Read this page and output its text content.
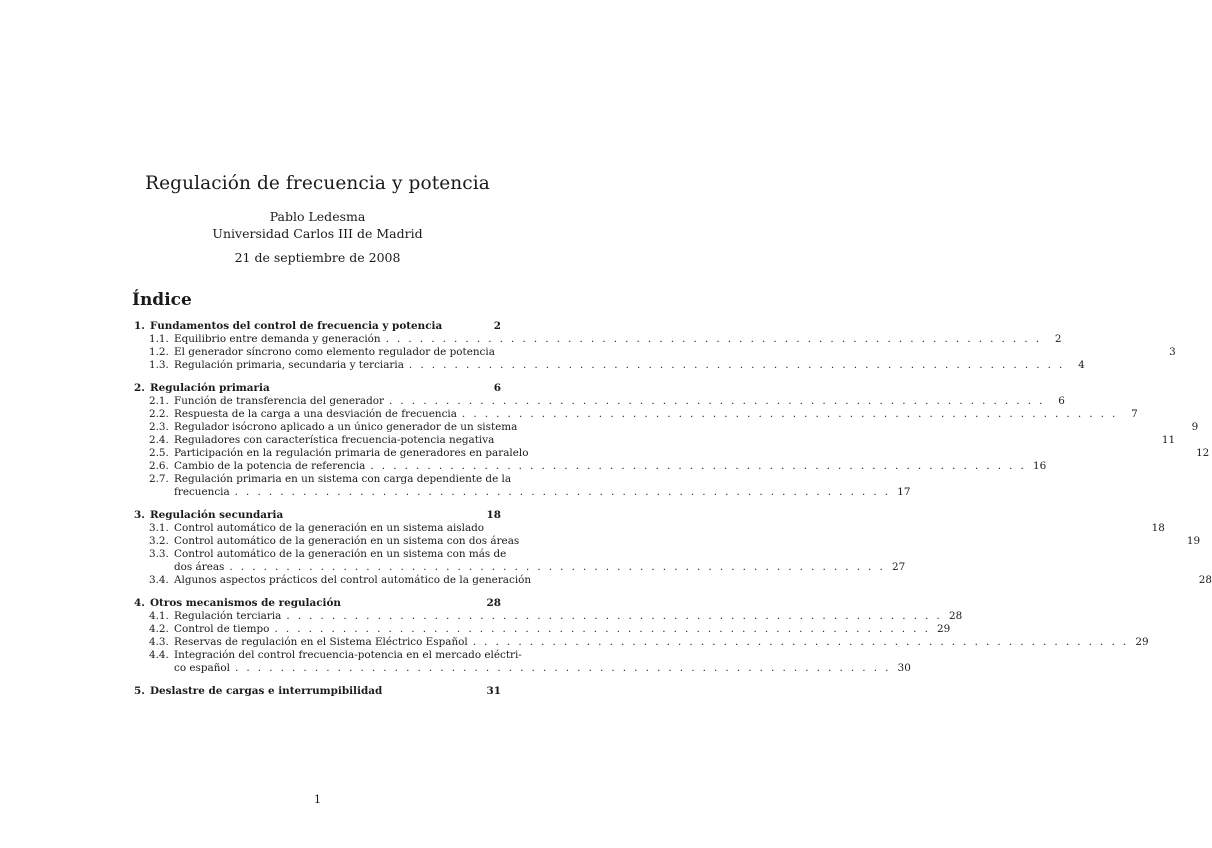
Regulación de frecuencia y potencia
Pablo Ledesma
Universidad Carlos III de Madrid
21 de septiembre de 2008
Índice
1. Fundamentos del control de frecuencia y potencia	2
1.1. Equilibrio entre demanda y generación . . . . . . . . . . . . . . . . . . . . . . . . . . . . . . . . . . . . . . . . . . . . . . . . . . . . . . . . . .	2
1.2. El generador síncrono como elemento regulador de potencia	3
1.3. Regulación primaria, secundaria y terciaria . . . . . . . . . . . . . . . . . . . . . . . . . . . . . . . . . . . . . . . . . . . . . . . . . . . . . . . . . .	4
2. Regulación primaria	6
2.1. Función de transferencia del generador . . . . . . . . . . . . . . . . . . . . . . . . . . . . . . . . . . . . . . . . . . . . . . . . . . . . . . . . . .	6
2.2. Respuesta de la carga a una desviación de frecuencia . . . . . . . . . . . . . . . . . . . . . . . . . . . . . . . . . . . . . . . . . . . . . . . . . . . . . . . . . .	7
2.3. Regulador isócrono aplicado a un único generador de un sistema	9
2.4. Reguladores con característica frecuencia-potencia negativa	11
2.5. Participación en la regulación primaria de generadores en paralelo	12
2.6. Cambio de la potencia de referencia . . . . . . . . . . . . . . . . . . . . . . . . . . . . . . . . . . . . . . . . . . . . . . . . . . . . . . . . . . 16
2.7. Regulación primaria en un sistema con carga dependiente de la
frecuencia . . . . . . . . . . . . . . . . . . . . . . . . . . . . . . . . . . . . . . . . . . . . . . . . . . . . . . . . . . 17
3. Regulación secundaria	18
3.1. Control automático de la generación en un sistema aislado	18
3.2. Control automático de la generación en un sistema con dos áreas	19
3.3. Control automático de la generación en un sistema con más de
dos áreas . . . . . . . . . . . . . . . . . . . . . . . . . . . . . . . . . . . . . . . . . . . . . . . . . . . . . . . . . . 27
3.4. Algunos aspectos prácticos del control automático de la generación	28
4. Otros mecanismos de regulación	28
4.1. Regulación terciaria . . . . . . . . . . . . . . . . . . . . . . . . . . . . . . . . . . . . . . . . . . . . . . . . . . . . . . . . . . 28
4.2. Control de tiempo . . . . . . . . . . . . . . . . . . . . . . . . . . . . . . . . . . . . . . . . . . . . . . . . . . . . . . . . . . 29
4.3. Reservas de regulación en el Sistema Eléctrico Español . . . . . . . . . . . . . . . . . . . . . . . . . . . . . . . . . . . . . . . . . . . . . . . . . . . . . . . . . . 29
4.4. Integración del control frecuencia-potencia en el mercado eléctri-
co español . . . . . . . . . . . . . . . . . . . . . . . . . . . . . . . . . . . . . . . . . . . . . . . . . . . . . . . . . . 30
5. Deslastre de cargas e interrumpibilidad	31
1
